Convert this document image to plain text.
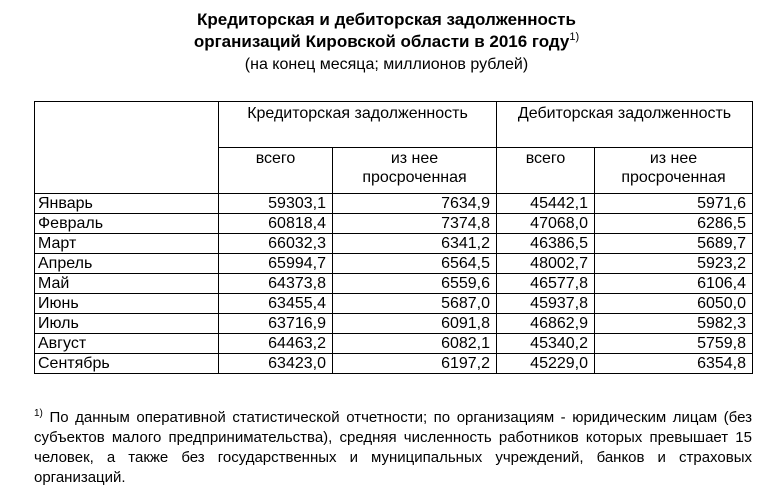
Кредиторская и дебиторская задолженность
организаций Кировской области в 2016 году$^{1)}$
(на конец месяца; миллионов рублей)
	Кредиторская задолженность		Дебиторская задолженность	
	всего	из нее просроченная	всего	из нее просроченная
Январь	59303,1	7634,9	45442,1	5971,6
Февраль	60818,4	7374,8	47068,0	6286,5
Март	66032,3	6341,2	46386,5	5689,7
Апрель	65994,7	6564,5	48002,7	5923,2
Май	64373,8	6559,6	46577,8	6106,4
Июнь	63455,4	5687,0	45937,8	6050,0
Июль	63716,9	6091,8	46862,9	5982,3
Август	64463,2	6082,1	45340,2	5759,8
Сентябрь	63423,0	6197,2	45229,0	6354,8
$^{1)}$ По данным оперативной статистической отчетности; по организациям - юридическим лицам (без субъектов малого предпринимательства), средняя численность работников которых превышает 15 человек, а также без государственных и муниципальных учреждений, банков и страховых организаций.
